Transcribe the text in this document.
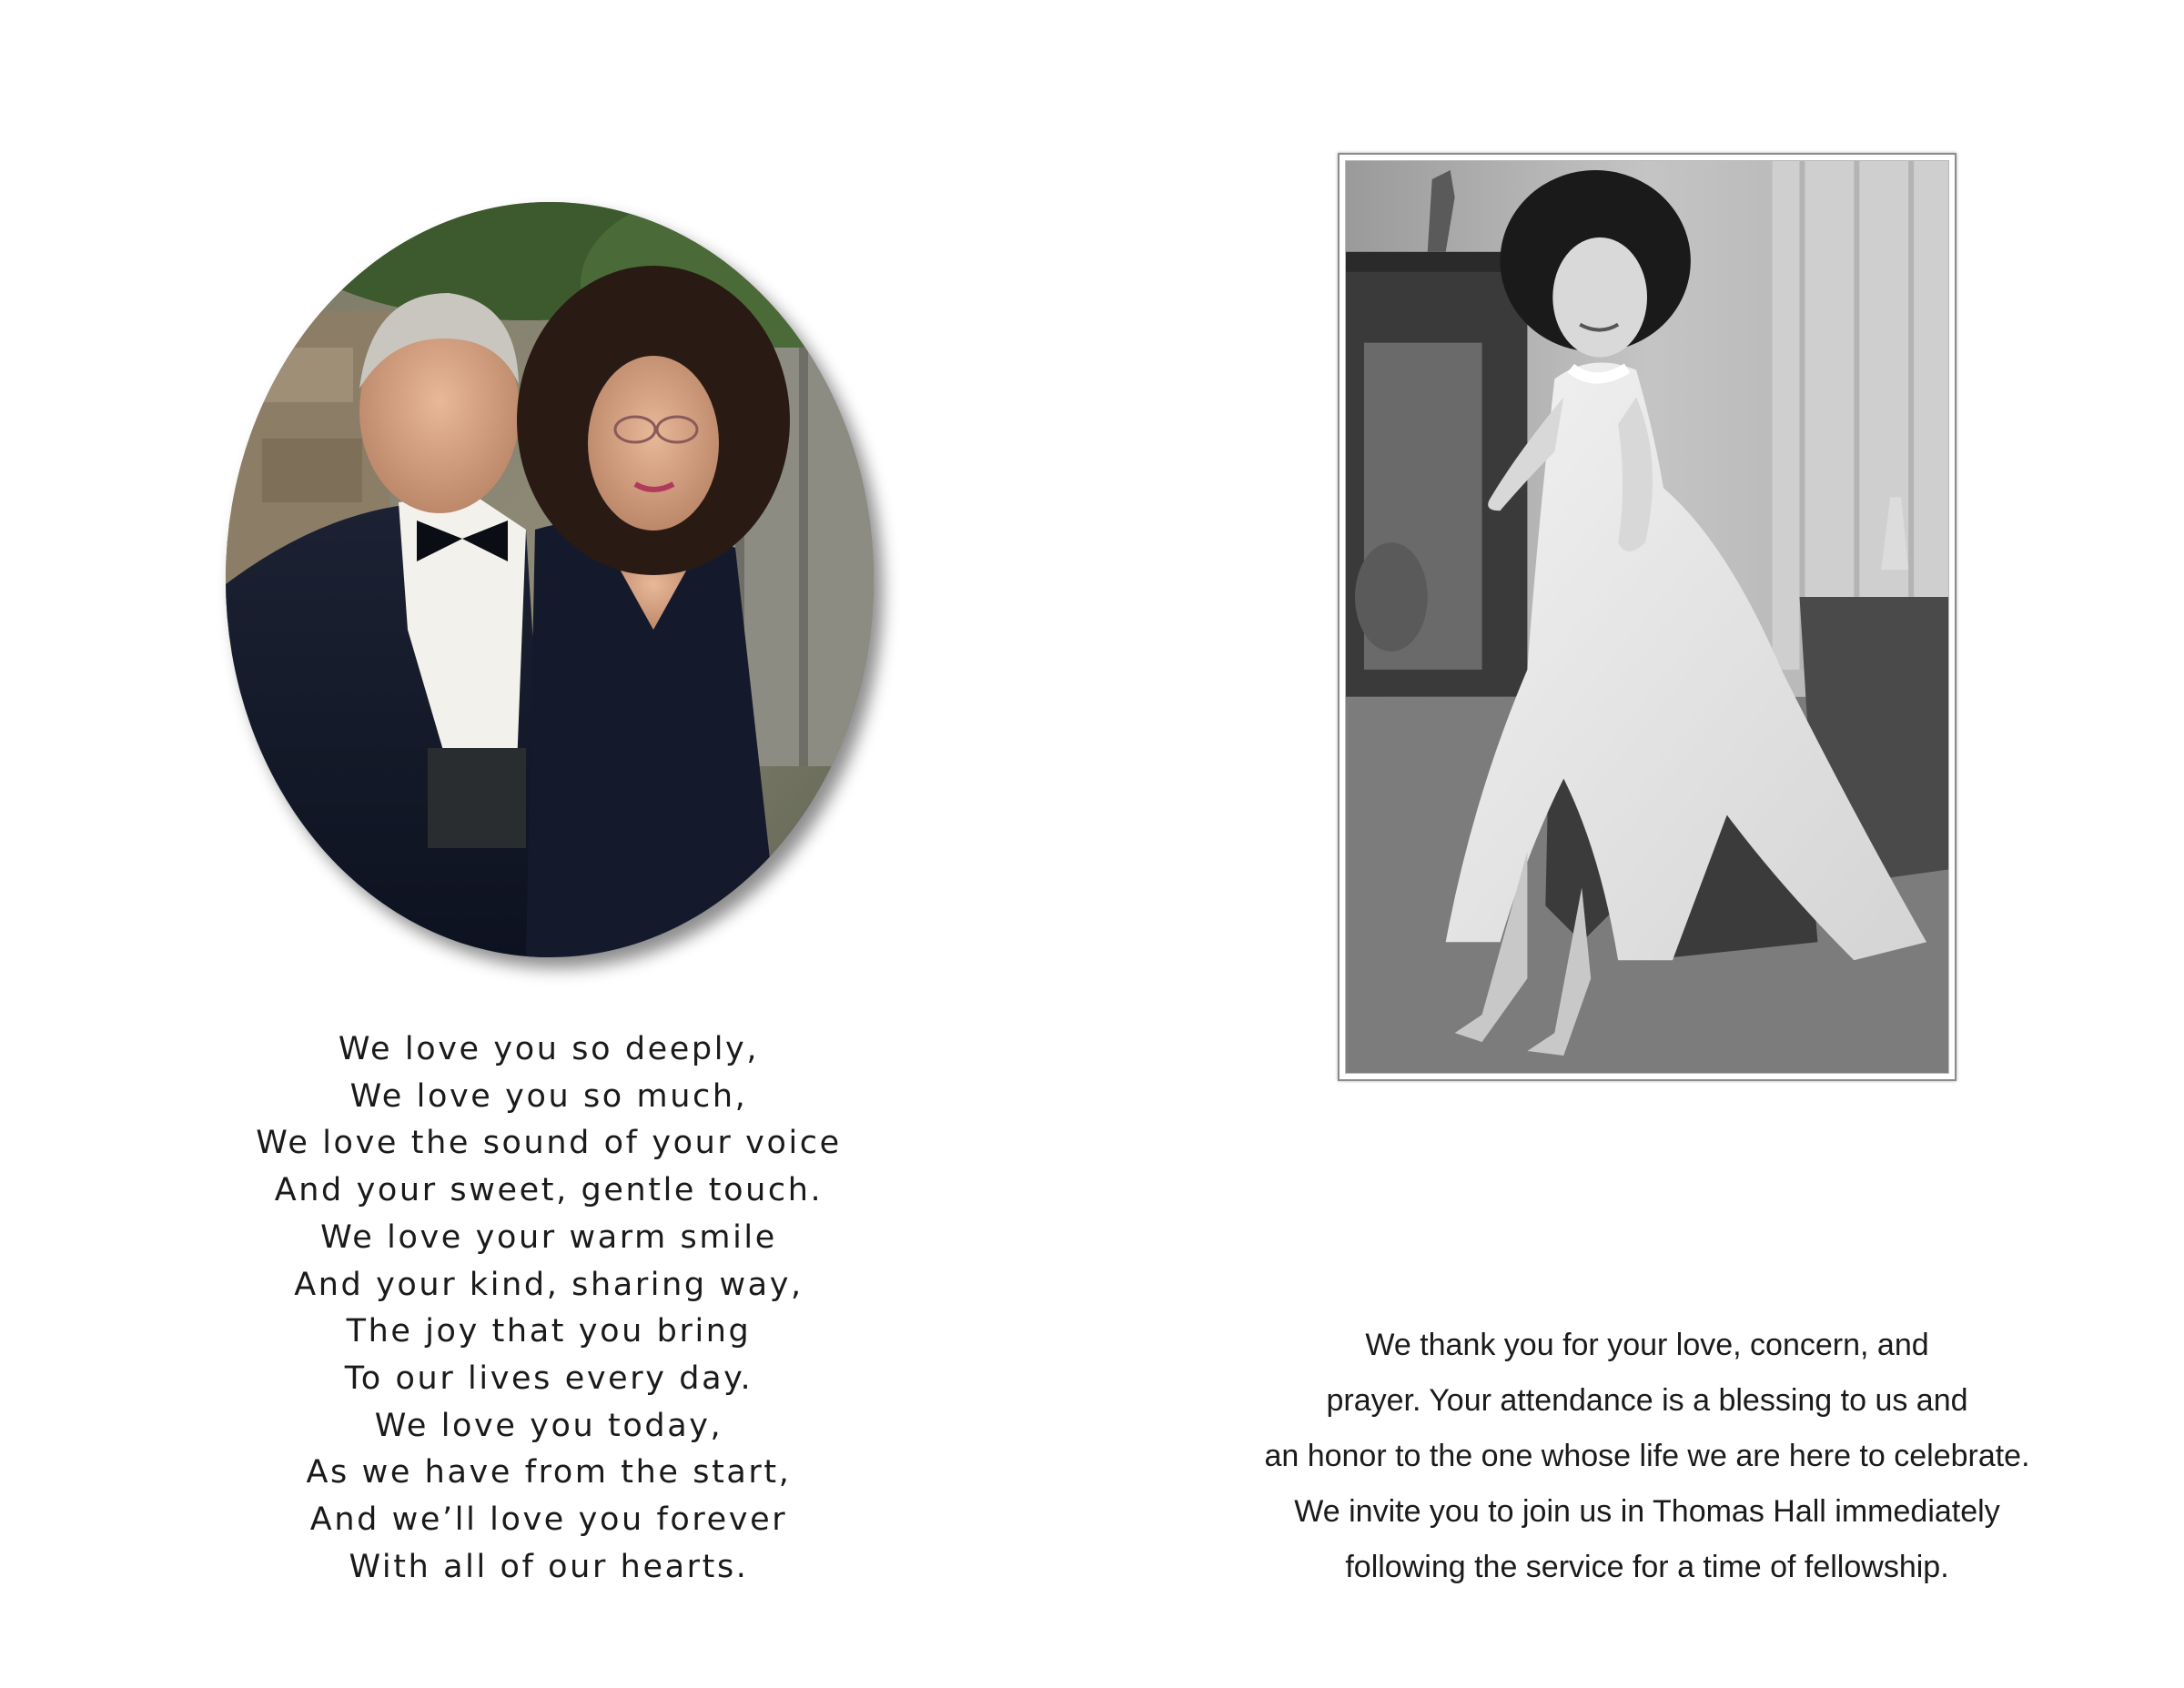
We love you so deeply,
We love you so much,
We love the sound of your voice
And your sweet, gentle touch.
We love your warm smile
And your kind, sharing way,
The joy that you bring
To our lives every day.
We love you today,
As we have from the start,
And we’ll love you forever
With all of our hearts.
We thank you for your love, concern, and
prayer. Your attendance is a blessing to us and
an honor to the one whose life we are here to celebrate.
We invite you to join us in Thomas Hall immediately
following the service for a time of fellowship.
